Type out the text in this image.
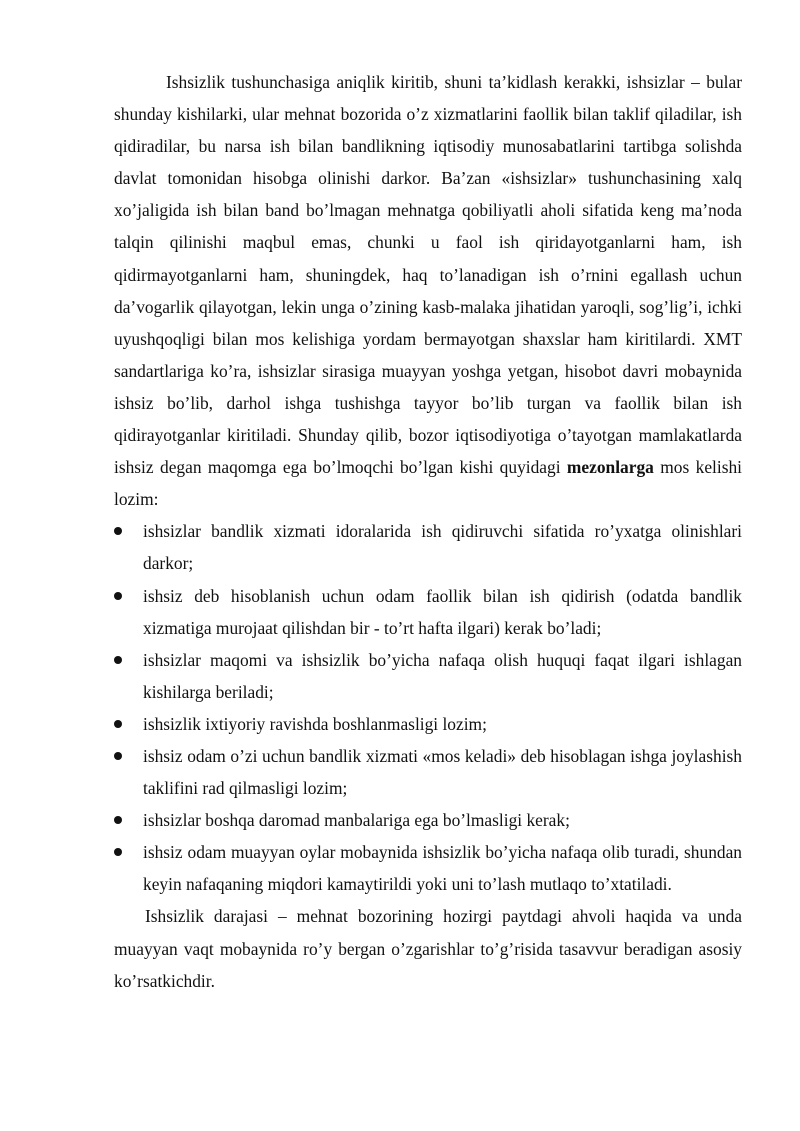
Ishsizlik tushunchasiga aniqlik kiritib, shuni ta’kidlash kerakki, ishsizlar – bular shunday kishilarki, ular mehnat bozorida o’z xizmatlarini faollik bilan taklif qiladilar, ish qidiradilar, bu narsa ish bilan bandlikning iqtisodiy munosabatlarini tartibga solishda davlat tomonidan hisobga olinishi darkor. Ba’zan «ishsizlar» tushunchasining xalq xo’jaligida ish bilan band bo’lmagan mehnatga qobiliyatli aholi sifatida keng ma’noda talqin qilinishi maqbul emas, chunki u faol ish qiridayotganlarni ham, ish qidirmayotganlarni ham, shuningdek, haq to’lanadigan ish o’rnini egallash uchun da’vogarlik qilayotgan, lekin unga o’zining kasb-malaka jihatidan yaroqli, sog’lig’i, ichki uyushqoqligi bilan mos kelishiga yordam bermayotgan shaxslar ham kiritilardi. XMT sandartlariga ko’ra, ishsizlar sirasiga muayyan yoshga yetgan, hisobot davri mobaynida ishsiz bo’lib, darhol ishga tushishga tayyor bo’lib turgan va faollik bilan ish qidirayotganlar kiritiladi. Shunday qilib, bozor iqtisodiyotiga o’tayotgan mamlakatlarda ishsiz degan maqomga ega bo’lmoqchi bo’lgan kishi quyidagi mezonlarga mos kelishi lozim:

ishsizlar bandlik xizmati idoralarida ish qidiruvchi sifatida ro’yxatga olinishlari darkor;
ishsiz deb hisoblanish uchun odam faollik bilan ish qidirish (odatda bandlik xizmatiga murojaat qilishdan bir - to’rt hafta ilgari) kerak bo’ladi;
ishsizlar maqomi va ishsizlik bo’yicha nafaqa olish huquqi faqat ilgari ishlagan kishilarga beriladi;
ishsizlik ixtiyoriy ravishda boshlanmasligi lozim;
ishsiz odam o’zi uchun bandlik xizmati «mos keladi» deb hisoblagan ishga joylashish taklifini rad qilmasligi lozim;
ishsizlar boshqa daromad manbalariga ega bo’lmasligi kerak;
ishsiz odam muayyan oylar mobaynida ishsizlik bo’yicha nafaqa olib turadi, shundan keyin nafaqaning miqdori kamaytirildi yoki uni to’lash mutlaqo to’xtatiladi.

Ishsizlik darajasi – mehnat bozorining hozirgi paytdagi ahvoli haqida va unda muayyan vaqt mobaynida ro’y bergan o’zgarishlar to’g’risida tasavvur beradigan asosiy ko’rsatkichdir.
